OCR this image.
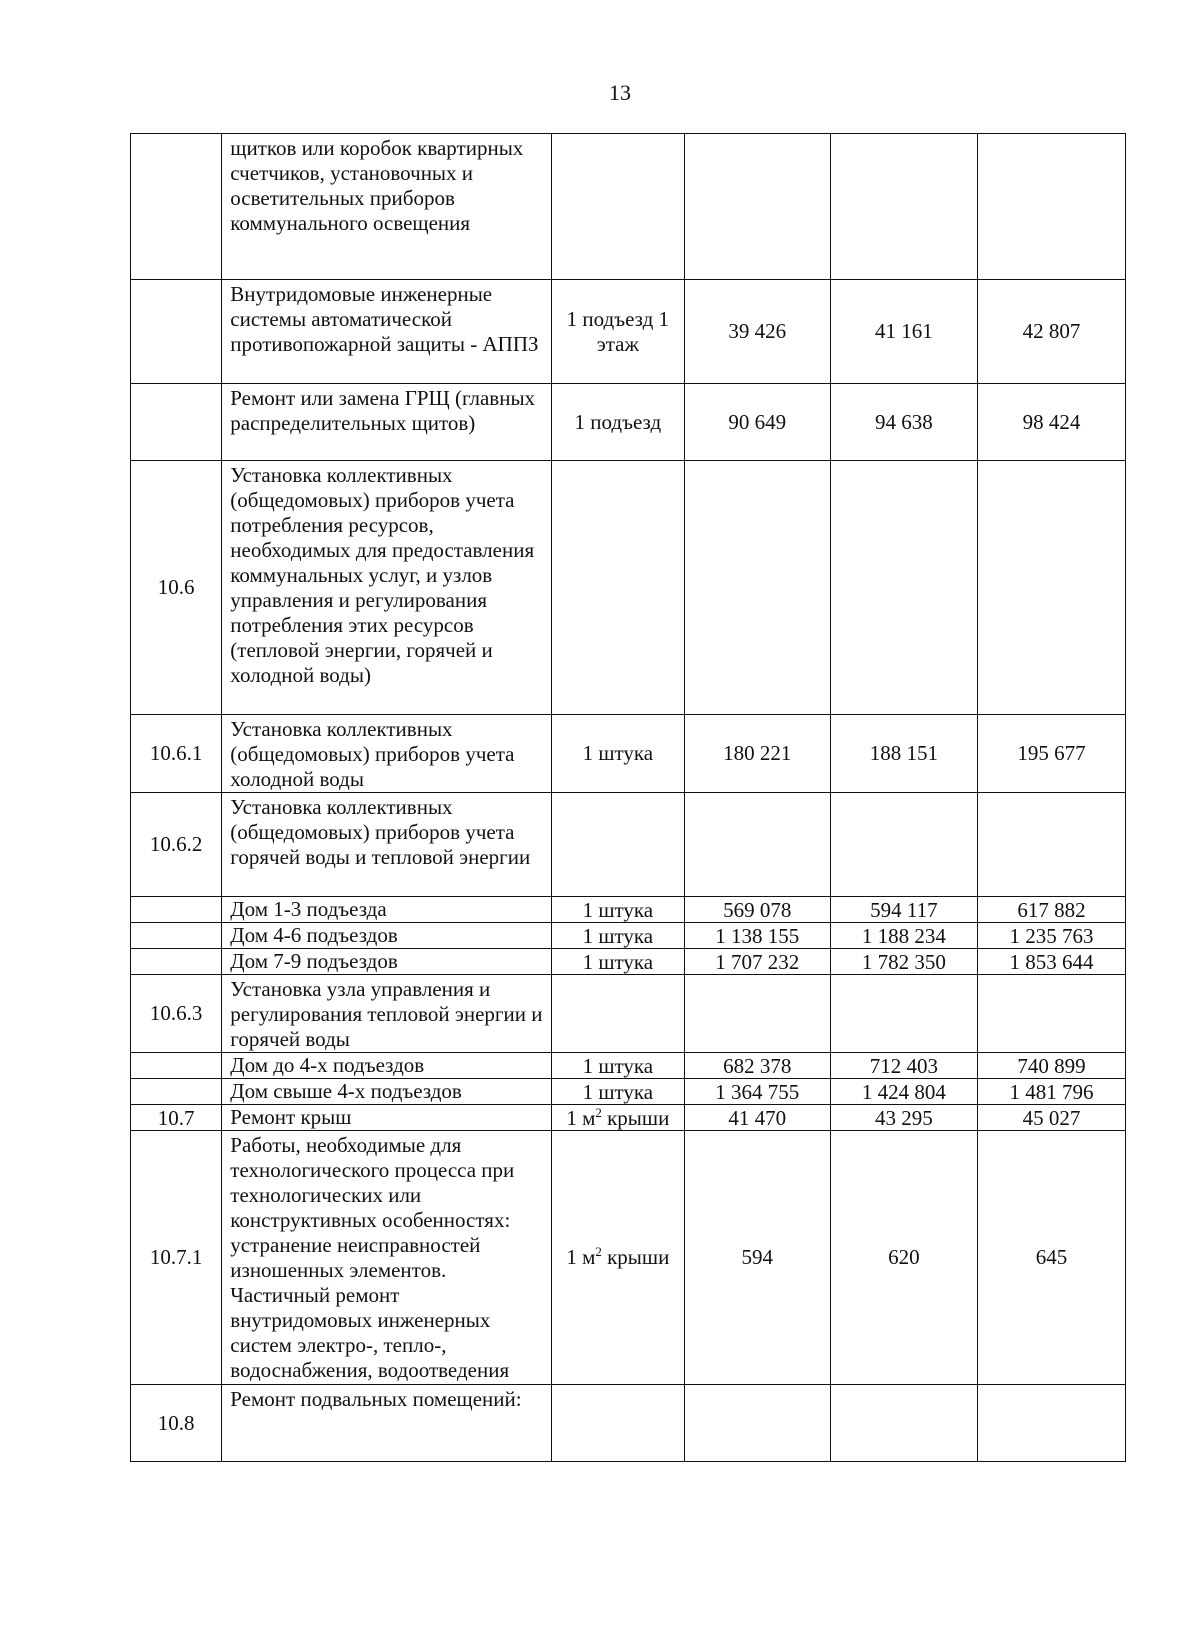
13
	щитков или коробок квартирных счетчиков, установочных и осветительных приборов коммунального освещения				
	Внутридомовые инженерные системы автоматической противопожарной защиты - АППЗ	1 подъезд 1 этаж	39 426	41 161	42 807
	Ремонт или замена ГРЩ (главных распределительных щитов)	1 подъезд	90 649	94 638	98 424
10.6	Установка коллективных (общедомовых) приборов учета потребления ресурсов, необходимых для предоставления коммунальных услуг, и узлов управления и регулирования потребления этих ресурсов (тепловой энергии, горячей и холодной воды)				
10.6.1	Установка коллективных (общедомовых) приборов учета холодной воды	1 штука	180 221	188 151	195 677
10.6.2	Установка коллективных (общедомовых) приборов учета горячей воды и тепловой энергии				
	Дом 1-3 подъезда	1 штука	569 078	594 117	617 882
	Дом 4-6 подъездов	1 штука	1 138 155	1 188 234	1 235 763
	Дом 7-9 подъездов	1 штука	1 707 232	1 782 350	1 853 644
10.6.3	Установка узла управления и регулирования тепловой энергии и горячей воды				
	Дом до 4-х подъездов	1 штука	682 378	712 403	740 899
	Дом свыше 4-х подъездов	1 штука	1 364 755	1 424 804	1 481 796
10.7	Ремонт крыш	1 $м^2$ крыши	41 470	43 295	45 027
10.7.1	Работы, необходимые для технологического процесса при технологических или конструктивных особенностях: устранение неисправностей изношенных элементов. Частичный ремонт внутридомовых инженерных систем электро-, тепло-, водоснабжения, водоотведения	1 $м^2$ крыши	594	620	645
10.8	Ремонт подвальных помещений:				
